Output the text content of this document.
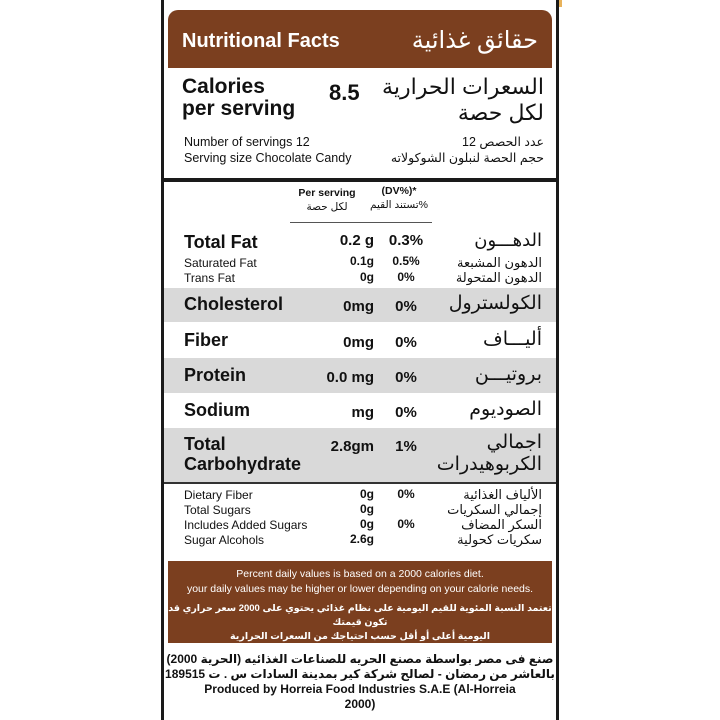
Nutritional Facts	حقائق غذائية
Calories
per serving
8.5	السعرات الحرارية
لكل حصة
Number of servings 12
Serving size Chocolate Candy
عدد الحصص 12
حجم الحصة لنبلون الشوكولاته
Per serving
لكل حصة
(DV%)*
تستند القيم%
Total Fat	0.2 g 0.3%	الدهـــون
Saturated Fat	0.1g	0.5%	الدهون المشبعة
Trans Fat	0g	0%	الدهون المتحولة
Cholesterol	0mg	0%	الكولسترول
Fiber	0mg	0%	أليـــاف
Protein	0.0 mg	0%	بروتيـــن
Sodium	mg	0%	الصوديوم
Total
Carbohydrate
2.8gm	1%	اجمالي
الكربوهيدرات
Dietary Fiber	0g	0%	الألياف الغذائية
Total Sugars	0g	إجمالي السكريات
Includes Added Sugars	0g	0%	السكر المضاف
Sugar Alcohols	2.6g	سكريات كحولية
Percent daily values is based on a 2000 calories diet.
your daily values may be higher or lower depending on your calorie needs.
تعتمد النسبة المئوية للقيم اليومية على نظام غذائي يحتوي على 2000 سعر حراري قد تكون قيمتك
اليومية أعلى أو أقل حسب احتياجك من السعرات الحرارية
صنع فى مصر بواسطة مصنع الحريه للصناعات الغذائيه (الحرية 2000)
بالعاشر من رمضان - لصالح شركة كير بمدينة السادات س . ت 189515
Produced by Horreia Food Industries S.A.E (Al-Horreia
2000)
